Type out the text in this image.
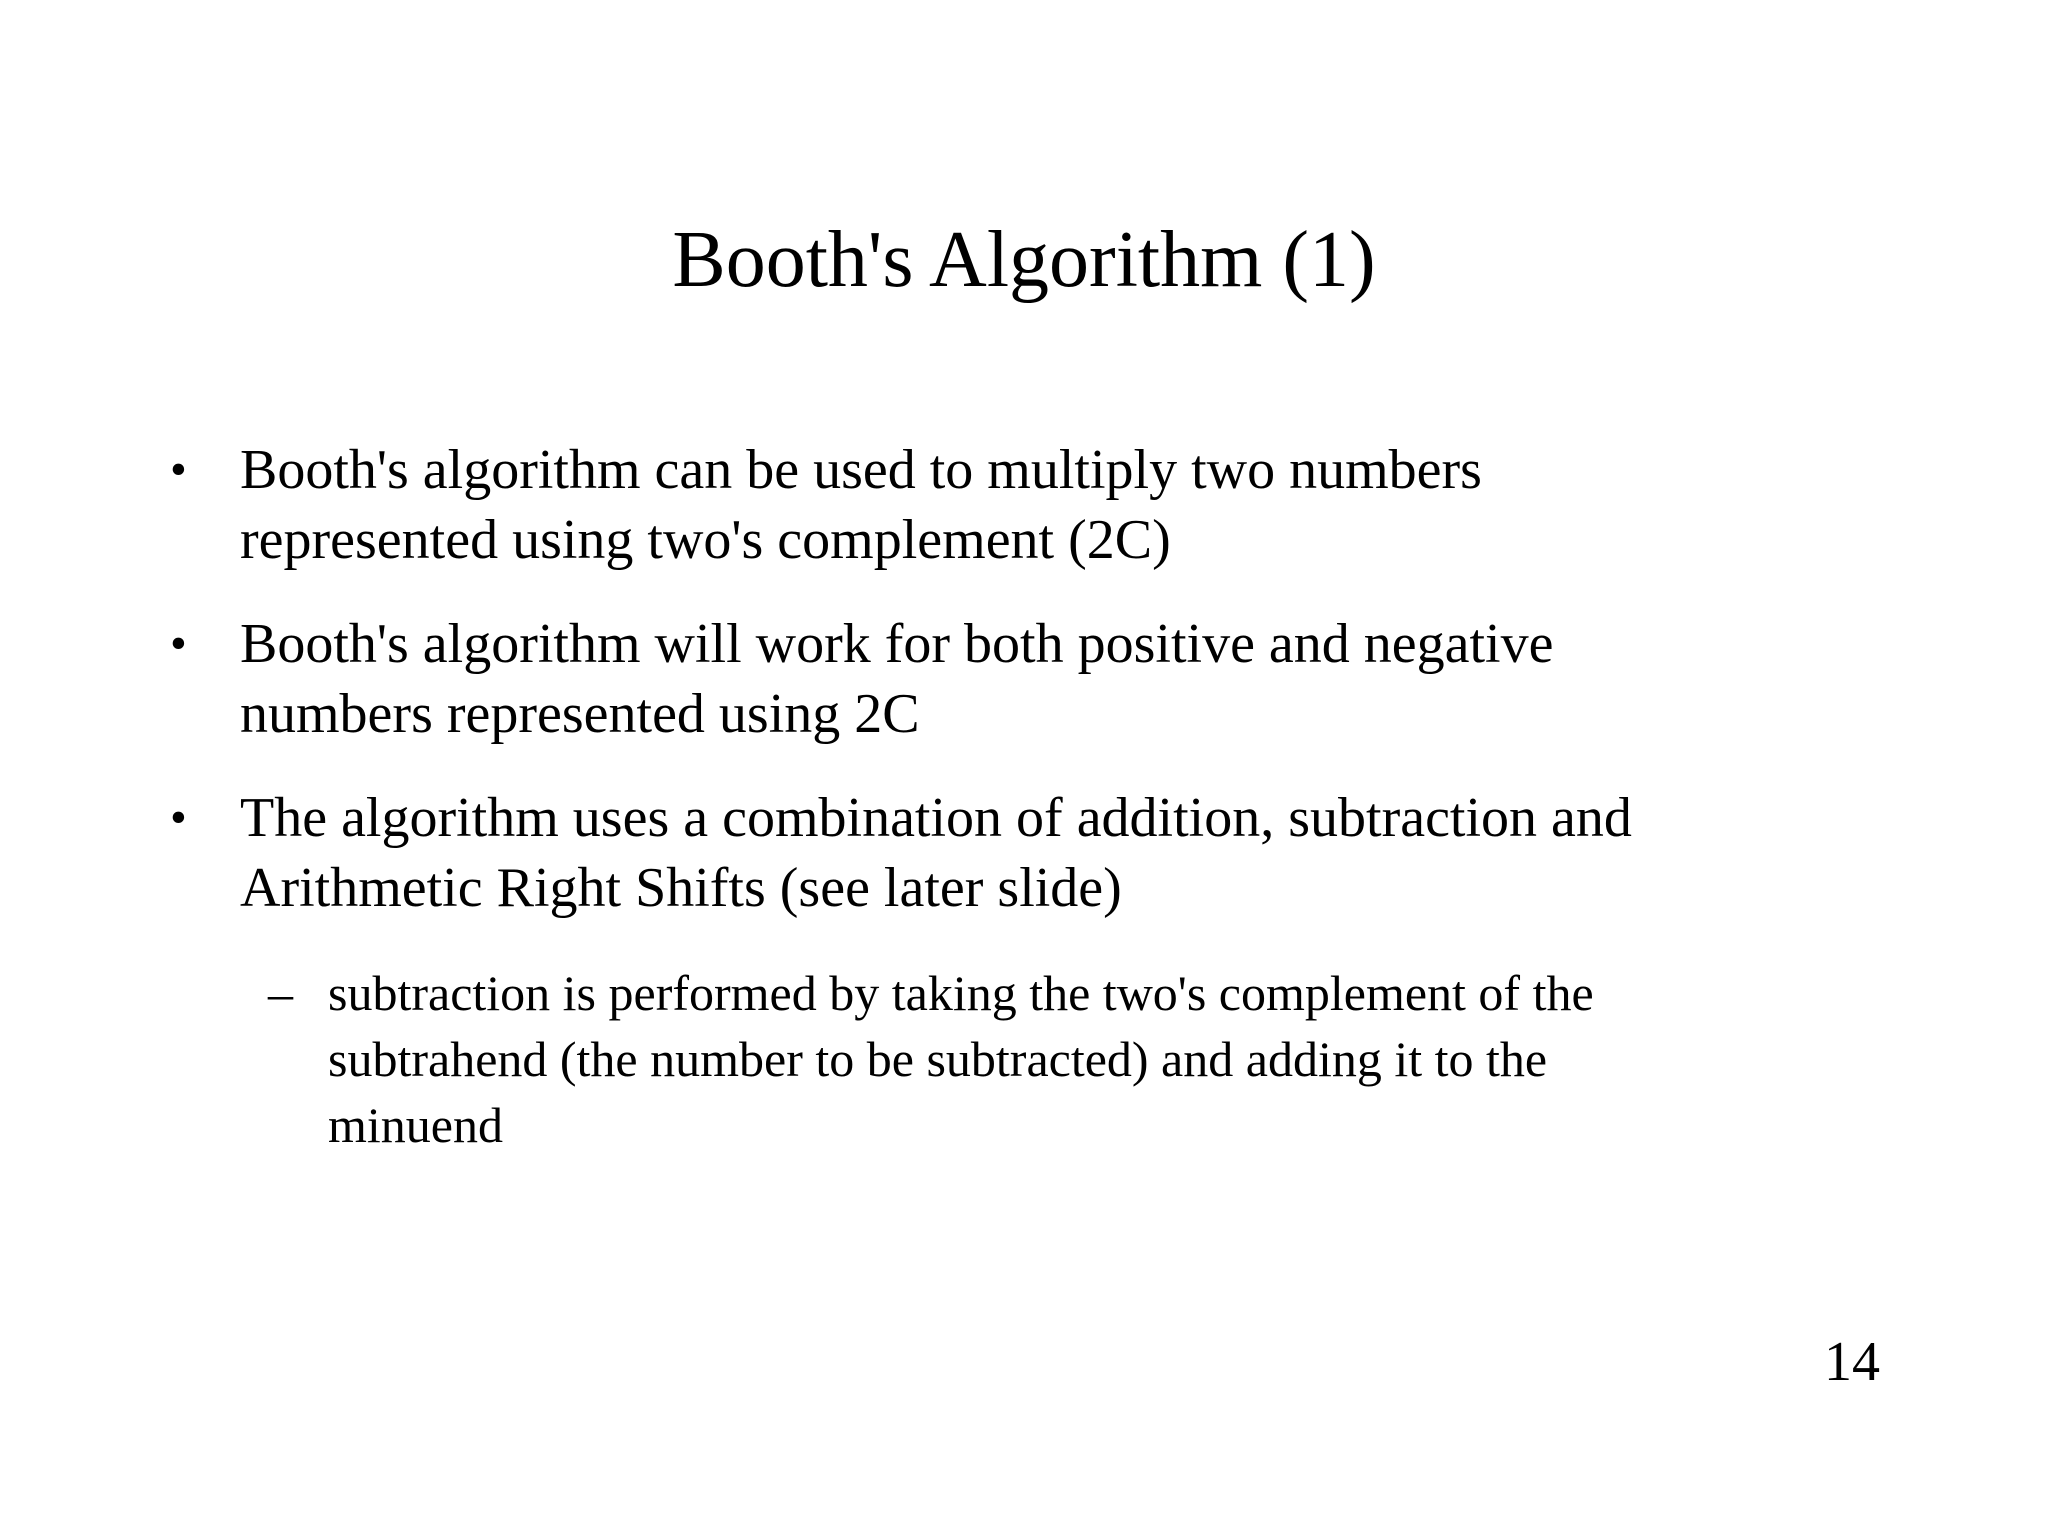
Booth's Algorithm (1)
• Booth's algorithm can be used to multiply two numbers
represented using two's complement (2C)
• Booth's algorithm will work for both positive and negative
numbers represented using 2C
• The algorithm uses a combination of addition, subtraction and
Arithmetic Right Shifts (see later slide)
– subtraction is performed by taking the two's complement of the
subtrahend (the number to be subtracted) and adding it to the
minuend
14
